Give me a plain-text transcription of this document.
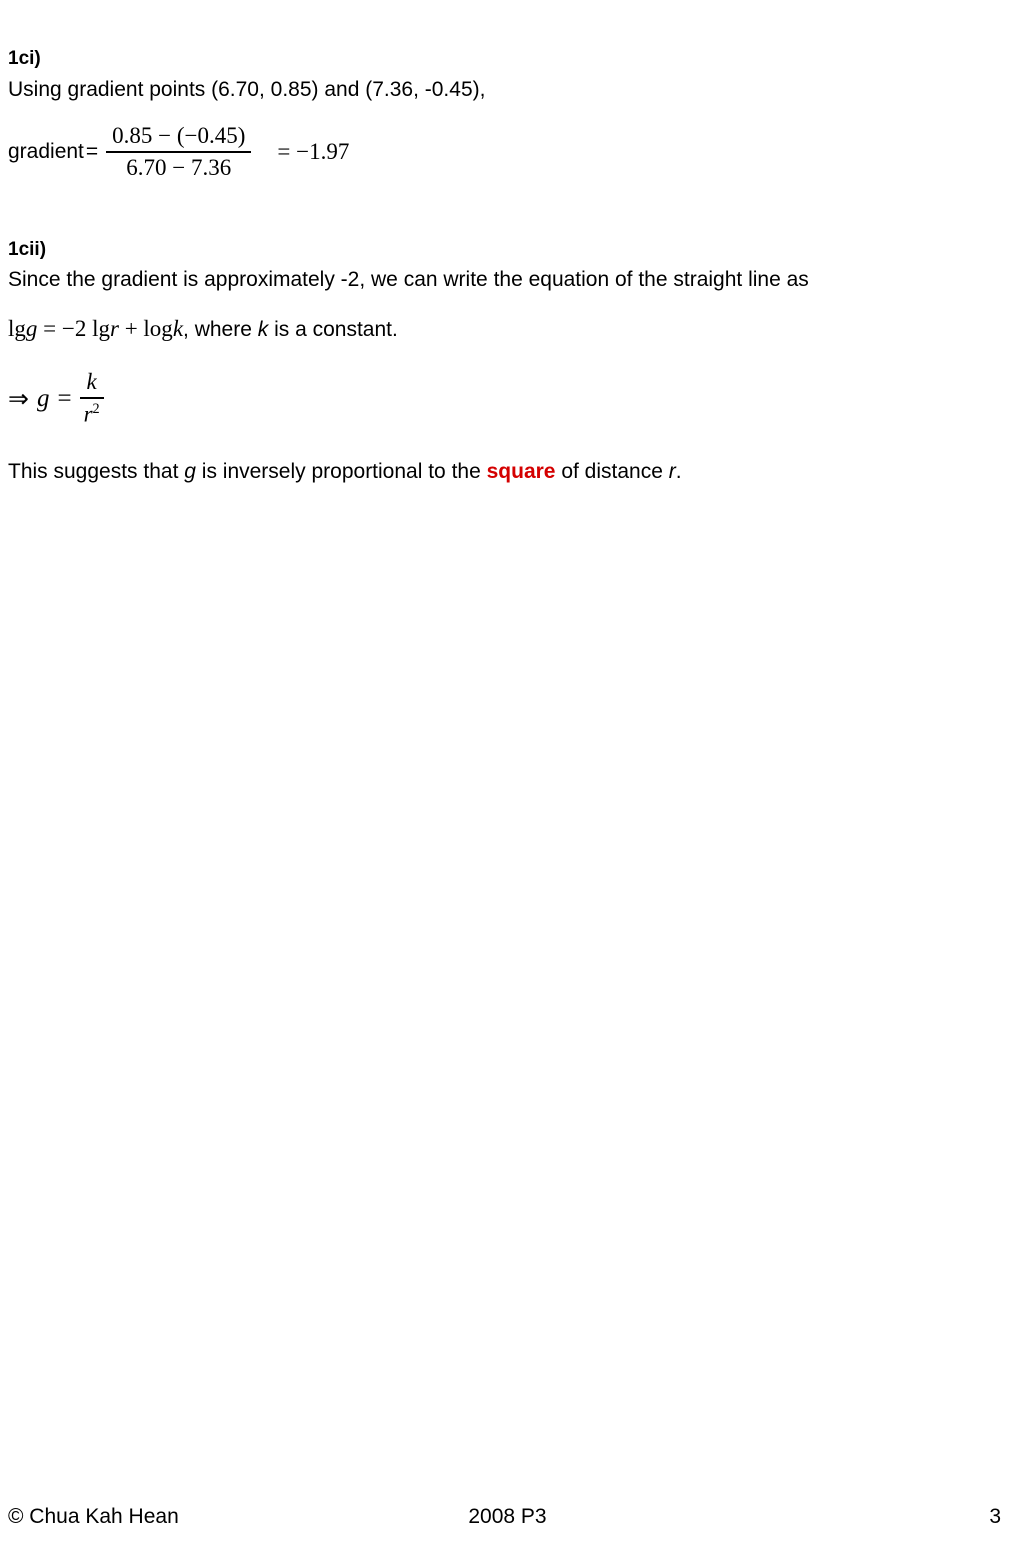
1ci)

Using gradient points (6.70, 0.85) and (7.36, -0.45),

gradient = $\frac{0.85 - (-0.45)}{6.70 - 7.36} = -1.97$
1cii)

Since the gradient is approximately -2, we can write the equation of the straight line as

lgg = −2 lgr + logk, where k is a constant.
⇒ $g = \frac{k}{r^2}$

This suggests that g is inversely proportional to the square of distance r.

© Chua Kah Hean	2008 P3	3
